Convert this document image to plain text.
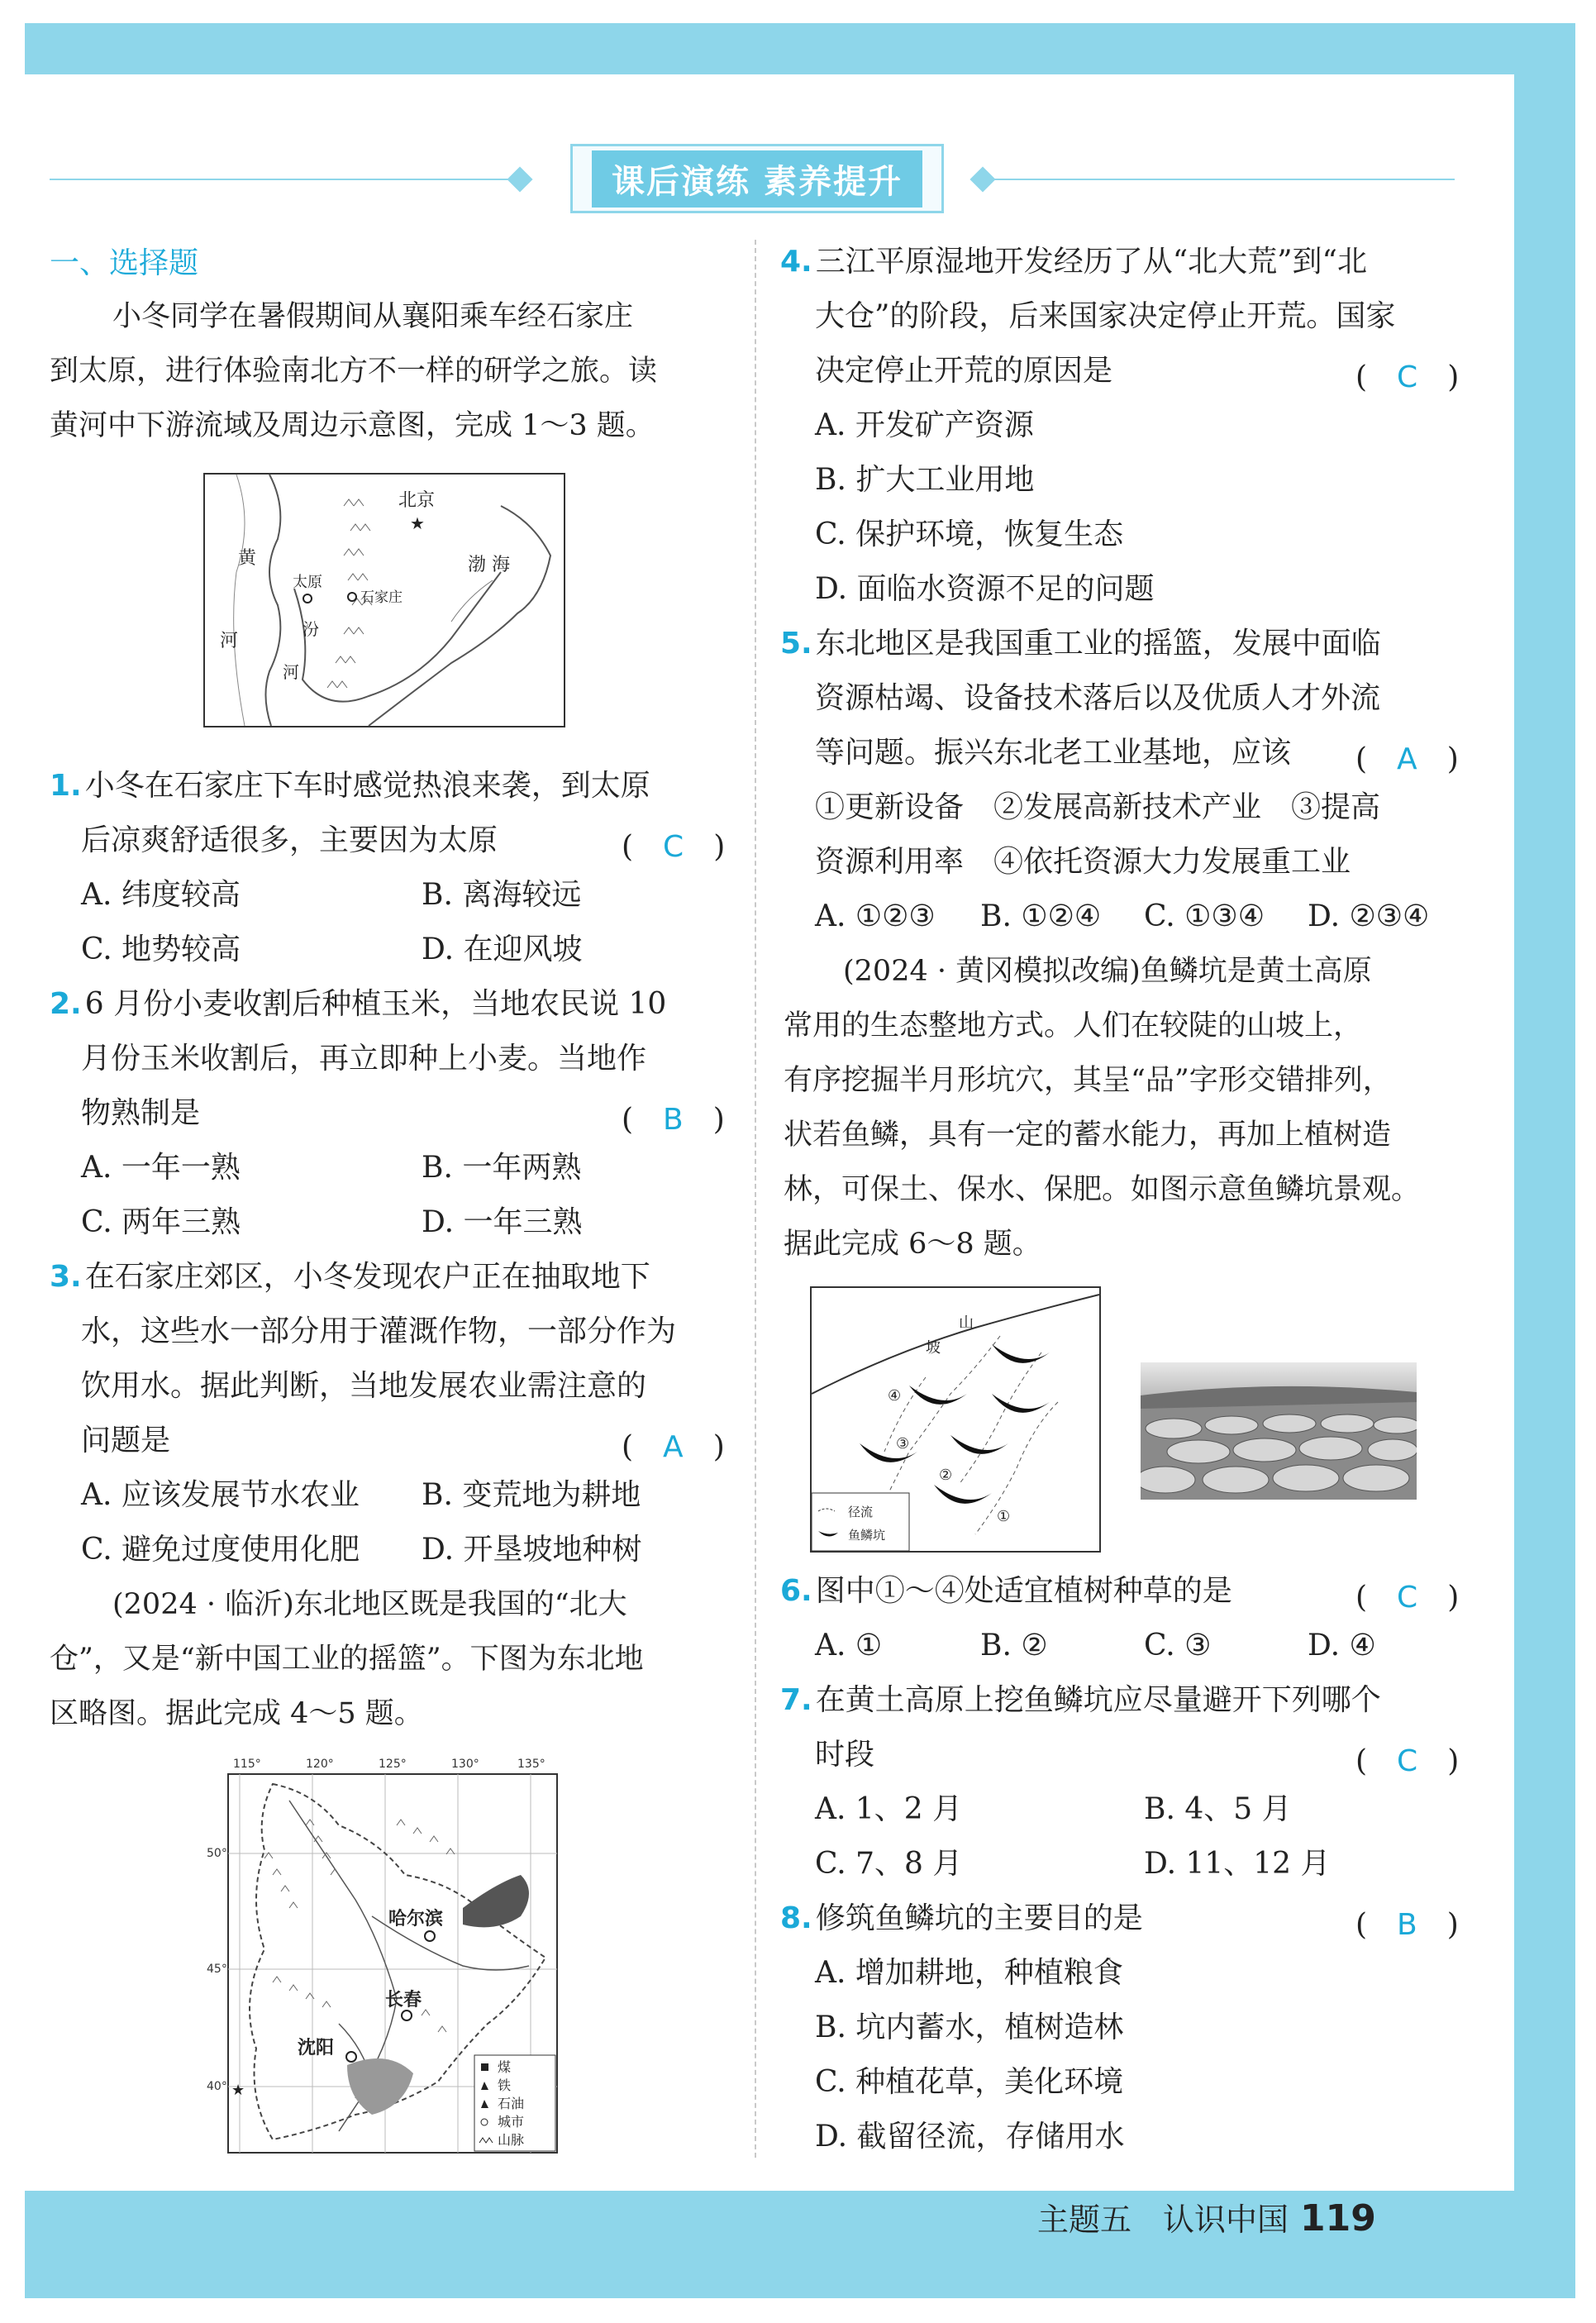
课后演练 素养提升
一、选择题
小冬同学在暑假期间从襄阳乘车经石家庄
到太原，进行体验南北方不一样的研学之旅。读
黄河中下游流域及周边示意图，完成 1～3 题。
北京
★
太原
石家庄
渤 海
黄
河
汾
河
1. 小冬在石家庄下车时感觉热浪来袭，到太原
后凉爽舒适很多，主要因为太原	(　C　)
A. 纬度较高	B. 离海较远
C. 地势较高	D. 在迎风坡
2. 6 月份小麦收割后种植玉米，当地农民说 10
月份玉米收割后，再立即种上小麦。当地作
物熟制是	(　B　)
A. 一年一熟	B. 一年两熟
C. 两年三熟	D. 一年三熟
3. 在石家庄郊区，小冬发现农户正在抽取地下
水，这些水一部分用于灌溉作物，一部分作为
饮用水。据此判断，当地发展农业需注意的
问题是	(　A　)
A. 应该发展节水农业 B. 变荒地为耕地
C. 避免过度使用化肥 D. 开垦坡地种树
(2024 · 临沂)东北地区既是我国的“北大
仓”，又是“新中国工业的摇篮”。下图为东北地
区略图。据此完成 4～5 题。
115°	120°	125°	130°	135°
50°
45°
40°
哈尔滨
沈阳
长春
★
煤
铁
石油
城市
山脉
4. 三江平原湿地开发经历了从“北大荒”到“北
大仓”的阶段，后来国家决定停止开荒。国家
决定停止开荒的原因是	(　C　)
A. 开发矿产资源
B. 扩大工业用地
C. 保护环境，恢复生态
D. 面临水资源不足的问题
5. 东北地区是我国重工业的摇篮，发展中面临
资源枯竭、设备技术落后以及优质人才外流
等问题。振兴东北老工业基地，应该 (　A　)
①更新设备　②发展高新技术产业　③提高
资源利用率　④依托资源大力发展重工业
A. ①②③ B. ①②④ C. ①③④ D. ②③④
(2024 · 黄冈模拟改编)鱼鳞坑是黄土高原
常用的生态整地方式。人们在较陡的山坡上，
有序挖掘半月形坑穴，其呈“品”字形交错排列，
状若鱼鳞，具有一定的蓄水能力，再加上植树造
林，可保土、保水、保肥。如图示意鱼鳞坑景观。
据此完成 6～8 题。
山
坡
④
③
②
①
径流
鱼鳞坑
6. 图中①～④处适宜植树种草的是	(　C　)
A. ①	B. ②	C. ③	D. ④
7. 在黄土高原上挖鱼鳞坑应尽量避开下列哪个
时段	(　C　)
A. 1、2 月	B. 4、5 月
C. 7、8 月	D. 11、12 月
8. 修筑鱼鳞坑的主要目的是	(　B　)
A. 增加耕地，种植粮食
B. 坑内蓄水，植树造林
C. 种植花草，美化环境
D. 截留径流，存储用水
主题五　认识中国 119
